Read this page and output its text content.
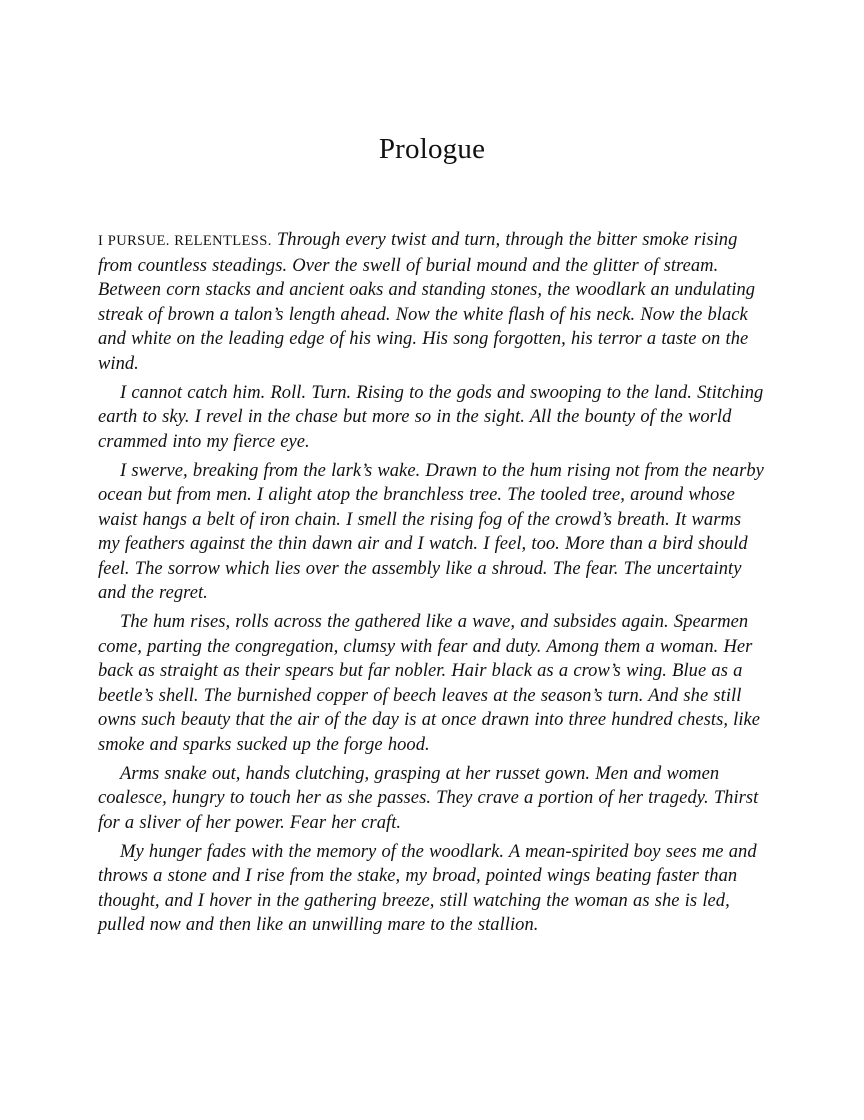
Prologue

I PURSUE. RELENTLESS. Through every twist and turn, through the bitter smoke rising from countless steadings. Over the swell of burial mound and the glitter of stream. Between corn stacks and ancient oaks and standing stones, the woodlark an undulating streak of brown a talon’s length ahead. Now the white flash of his neck. Now the black and white on the leading edge of his wing. His song forgotten, his terror a taste on the wind.

I cannot catch him. Roll. Turn. Rising to the gods and swooping to the land. Stitching earth to sky. I revel in the chase but more so in the sight. All the bounty of the world crammed into my fierce eye.

I swerve, breaking from the lark’s wake. Drawn to the hum rising not from the nearby ocean but from men. I alight atop the branchless tree. The tooled tree, around whose waist hangs a belt of iron chain. I smell the rising fog of the crowd’s breath. It warms my feathers against the thin dawn air and I watch. I feel, too. More than a bird should feel. The sorrow which lies over the assembly like a shroud. The fear. The uncertainty and the regret.

The hum rises, rolls across the gathered like a wave, and subsides again. Spearmen come, parting the congregation, clumsy with fear and duty. Among them a woman. Her back as straight as their spears but far nobler. Hair black as a crow’s wing. Blue as a beetle’s shell. The burnished copper of beech leaves at the season’s turn. And she still owns such beauty that the air of the day is at once drawn into three hundred chests, like smoke and sparks sucked up the forge hood.

Arms snake out, hands clutching, grasping at her russet gown. Men and women coalesce, hungry to touch her as she passes. They crave a portion of her tragedy. Thirst for a sliver of her power. Fear her craft.

My hunger fades with the memory of the woodlark. A mean-spirited boy sees me and throws a stone and I rise from the stake, my broad, pointed wings beating faster than thought, and I hover in the gathering breeze, still watching the woman as she is led, pulled now and then like an unwilling mare to the stallion.
